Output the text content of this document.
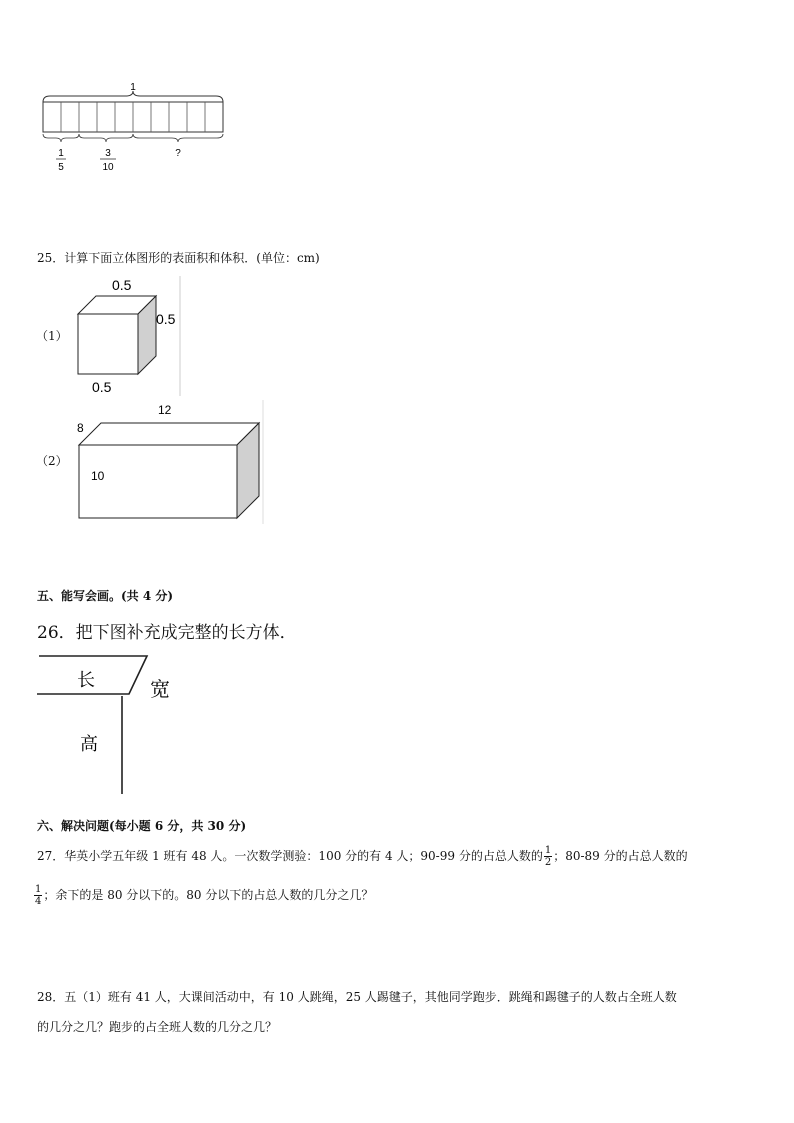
1
1
5
3
10
?
25．计算下面立体图形的表面积和体积．(单位：cm)
（1）
0.5
0.5
0.5
（2）
12
8
10
五、能写会画。(共 4 分)
26．把下图补充成完整的长方体．
长	宽
高
六、解决问题(每小题 6 分，共 30 分)
27．华英小学五年级 1 班有 48 人。一次数学测验：100 分的有 4 人；90-99 分的占总人数的 $\frac{1}{2}$ ；80-89 分的占总人数的
$\frac{1}{4}$ ；余下的是 80 分以下的。80 分以下的占总人数的几分之几？
28．五（1）班有 41 人，大课间活动中，有 10 人跳绳，25 人踢毽子，其他同学跑步．跳绳和踢毽子的人数占全班人数
的几分之几？跑步的占全班人数的几分之几？
